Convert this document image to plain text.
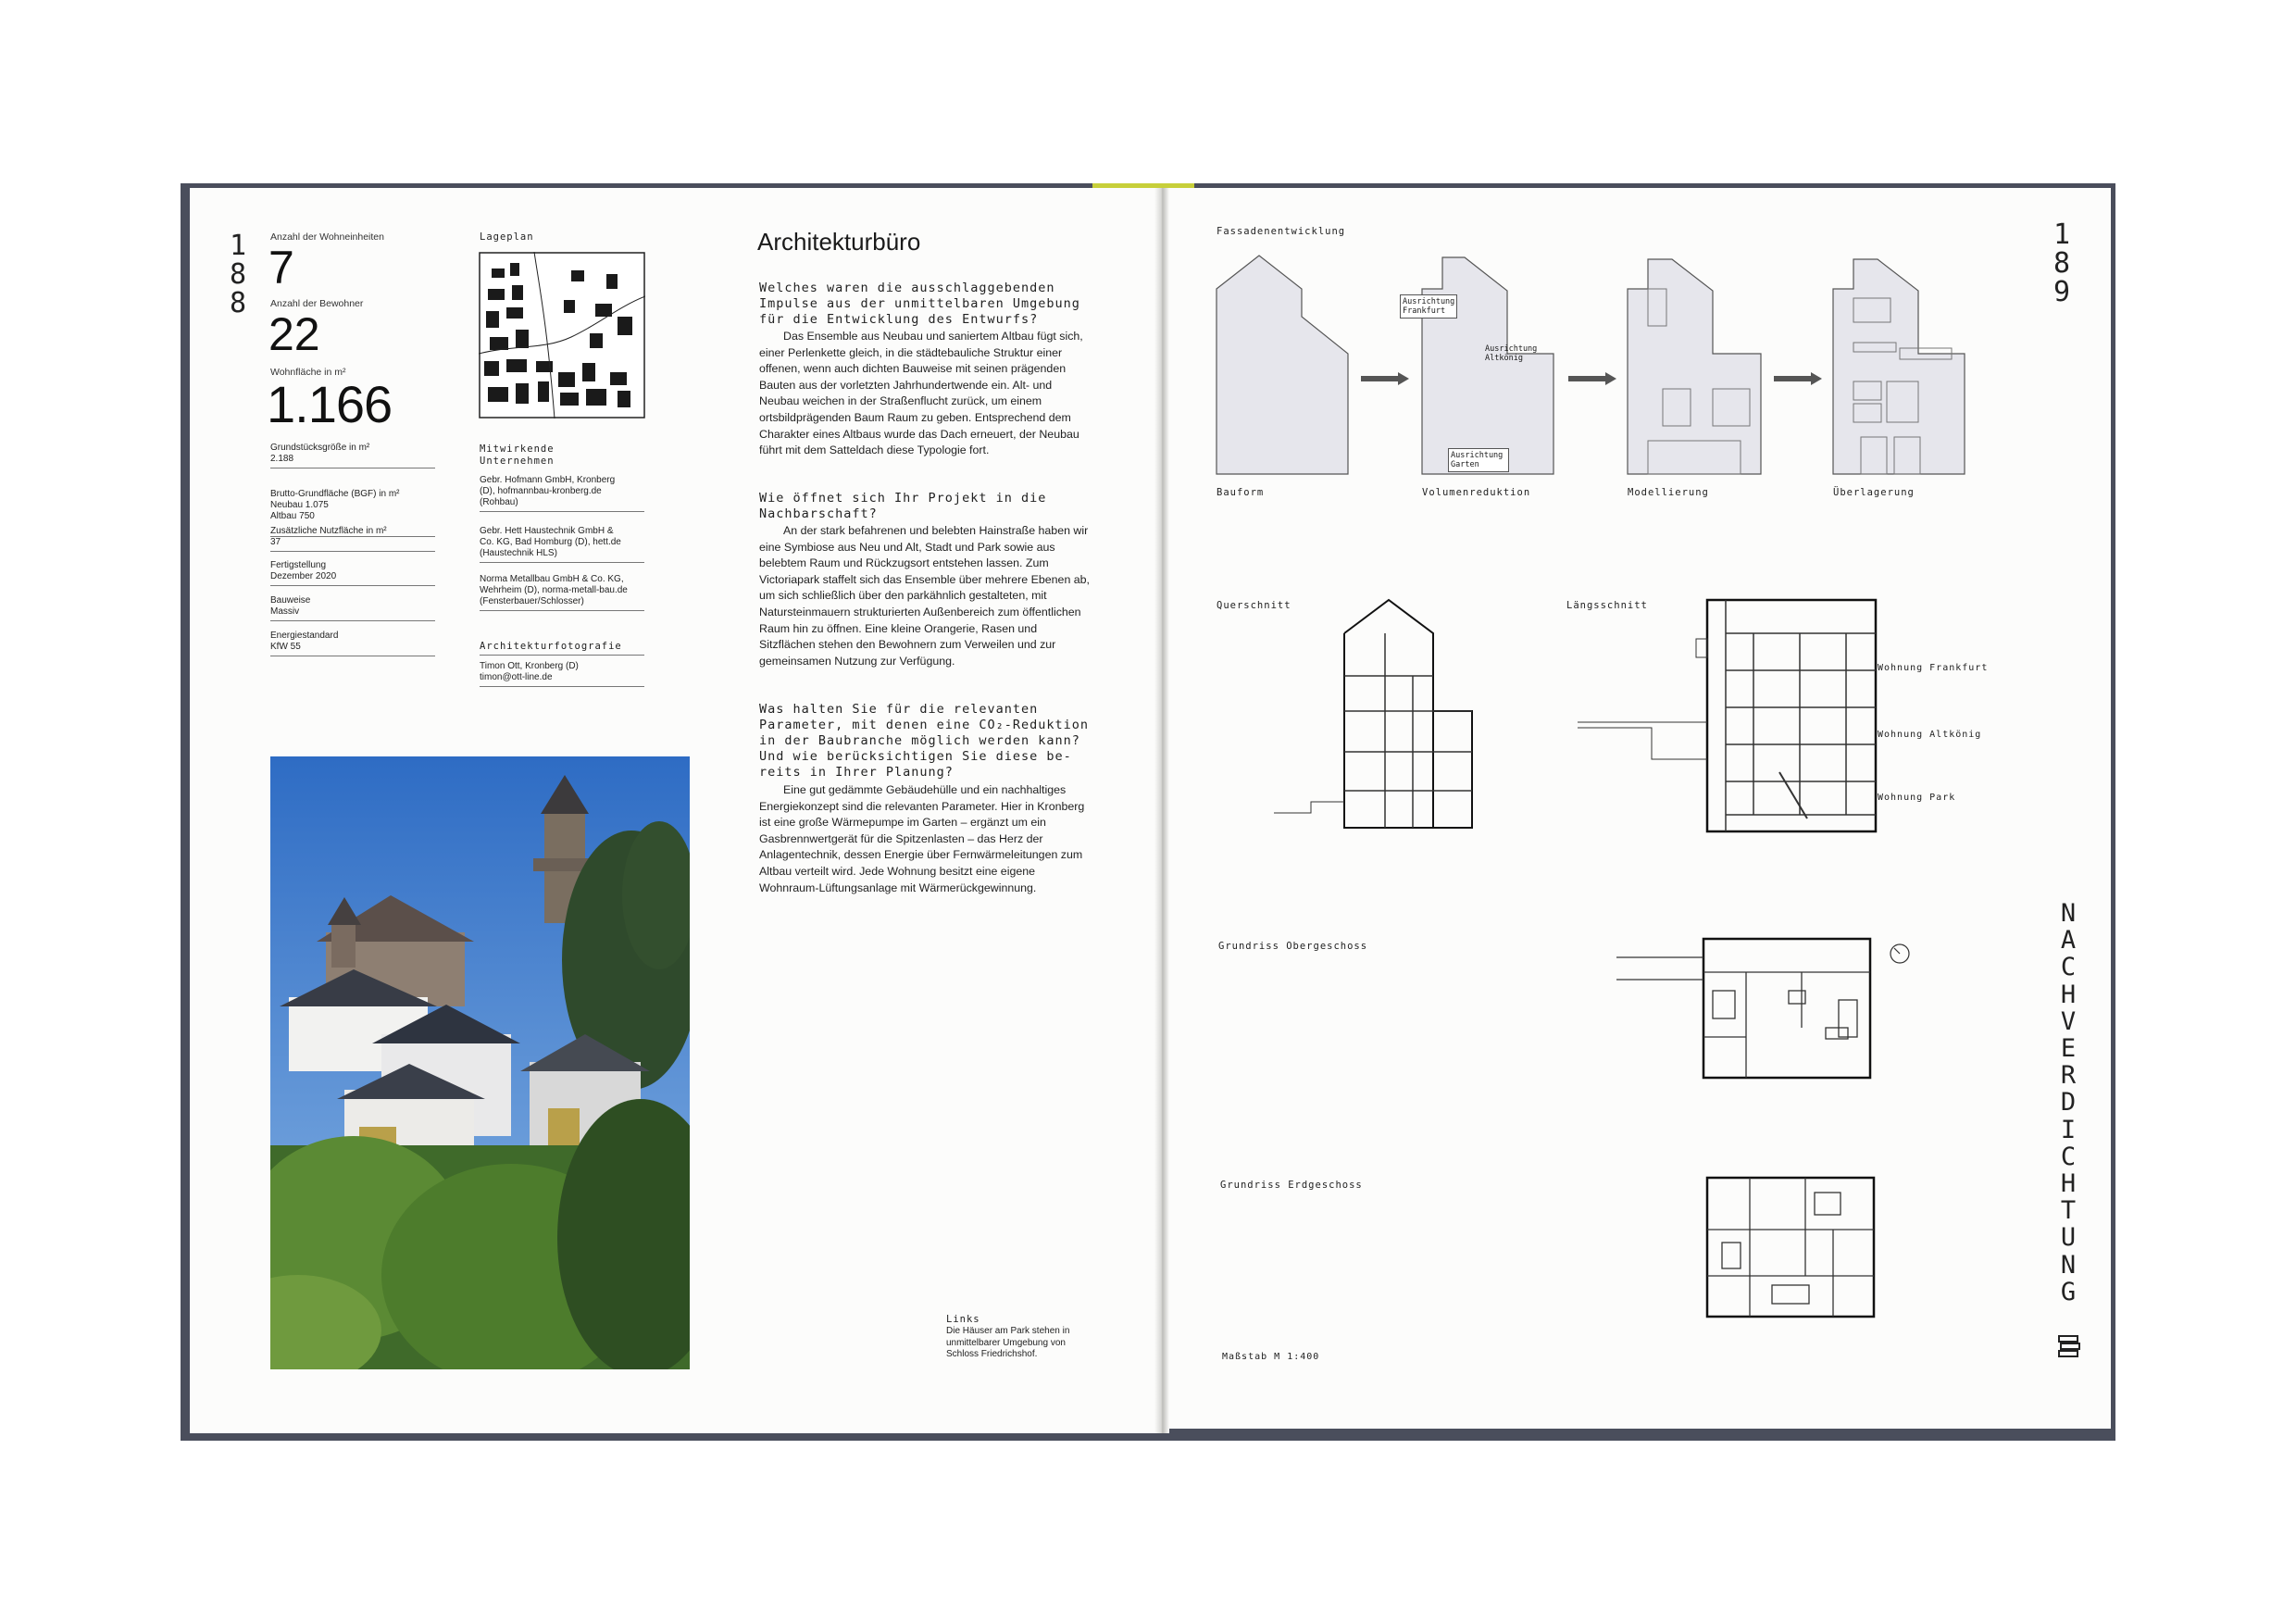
1
8
8
Anzahl der Wohneinheiten
7
Anzahl der Bewohner
22
Wohnfläche in m²
1.166
Grundstücksgröße in m²
2.188

Brutto-Grundfläche (BGF) in m²
Neubau 1.075
Altbau 750

Zusätzliche Nutzfläche in m²
37
Fertigstellung
Dezember 2020
Bauweise
Massiv
Energiestandard
KfW 55
Lageplan
Mitwirkende
Unternehmen
Gebr. Hofmann GmbH, Kronberg
(D), hofmannbau-kronberg.de
(Rohbau)
Gebr. Hett Haustechnik GmbH &
Co. KG, Bad Homburg (D), hett.de
(Haustechnik HLS)
Norma Metallbau GmbH & Co. KG,
Wehrheim (D), norma-metall-bau.de
(Fensterbauer/Schlosser)
Architekturfotografie
Timon Ott, Kronberg (D)
timon@ott-line.de
Architekturbüro
Welches waren die ausschlaggebenden
Impulse aus der unmittelbaren Umgebung
für die Entwicklung des Entwurfs?
Das Ensemble aus Neubau und saniertem Altbau fügt sich, einer Perlenkette gleich, in die städtebauliche Struktur einer offenen, wenn auch dichten Bauweise mit seinen prägenden Bauten aus der vorletzten Jahrhundertwende ein. Alt- und Neubau weichen in der Straßenflucht zurück, um einem ortsbildprägenden Baum Raum zu geben. Entsprechend dem Charakter eines Altbaus wurde das Dach erneuert, der Neubau führt mit dem Satteldach diese Typologie fort.
Wie öffnet sich Ihr Projekt in die
Nachbarschaft?
An der stark befahrenen und belebten Hainstraße haben wir eine Symbiose aus Neu und Alt, Stadt und Park sowie aus belebtem Raum und Rückzugsort entstehen lassen. Zum Victoriapark staffelt sich das Ensemble über mehrere Ebenen ab, um sich schließlich über den parkähnlich gestalteten, mit Natursteinmauern strukturierten Außenbereich zum öffentlichen Raum hin zu öffnen. Eine kleine Orangerie, Rasen und Sitzflächen stehen den Bewohnern zum Verweilen und zur gemeinsamen Nutzung zur Verfügung.
Was halten Sie für die relevanten
Parameter, mit denen eine CO₂-Reduktion
in der Baubranche möglich werden kann?
Und wie berücksichtigen Sie diese be-
reits in Ihrer Planung?
Eine gut gedämmte Gebäudehülle und ein nachhaltiges Energiekonzept sind die relevanten Parameter. Hier in Kronberg ist eine große Wärmepumpe im Garten – ergänzt um ein Gasbrennwertgerät für die Spitzenlasten – das Herz der Anlagentechnik, dessen Energie über Fernwärmeleitungen zum Altbau verteilt wird. Jede Wohnung besitzt eine eigene Wohnraum-Lüftungsanlage mit Wärmerückgewinnung.
Links
Die Häuser am Park stehen in
unmittelbarer Umgebung von
Schloss Friedrichshof.
1
8
9
Fassadenentwicklung
Ausrichtung
Frankfurt
Ausrichtung
Altkönig
Ausrichtung
Garten
Bauform	Volumenreduktion	Modellierung	Überlagerung
Querschnitt	Längsschnitt
Wohnung Frankfurt
Wohnung Altkönig
Wohnung Park
Grundriss Obergeschoss
Grundriss Erdgeschoss
Maßstab M 1:400
N
A
C
H
V
E
R
D
I
C
H
T
U
N
G
